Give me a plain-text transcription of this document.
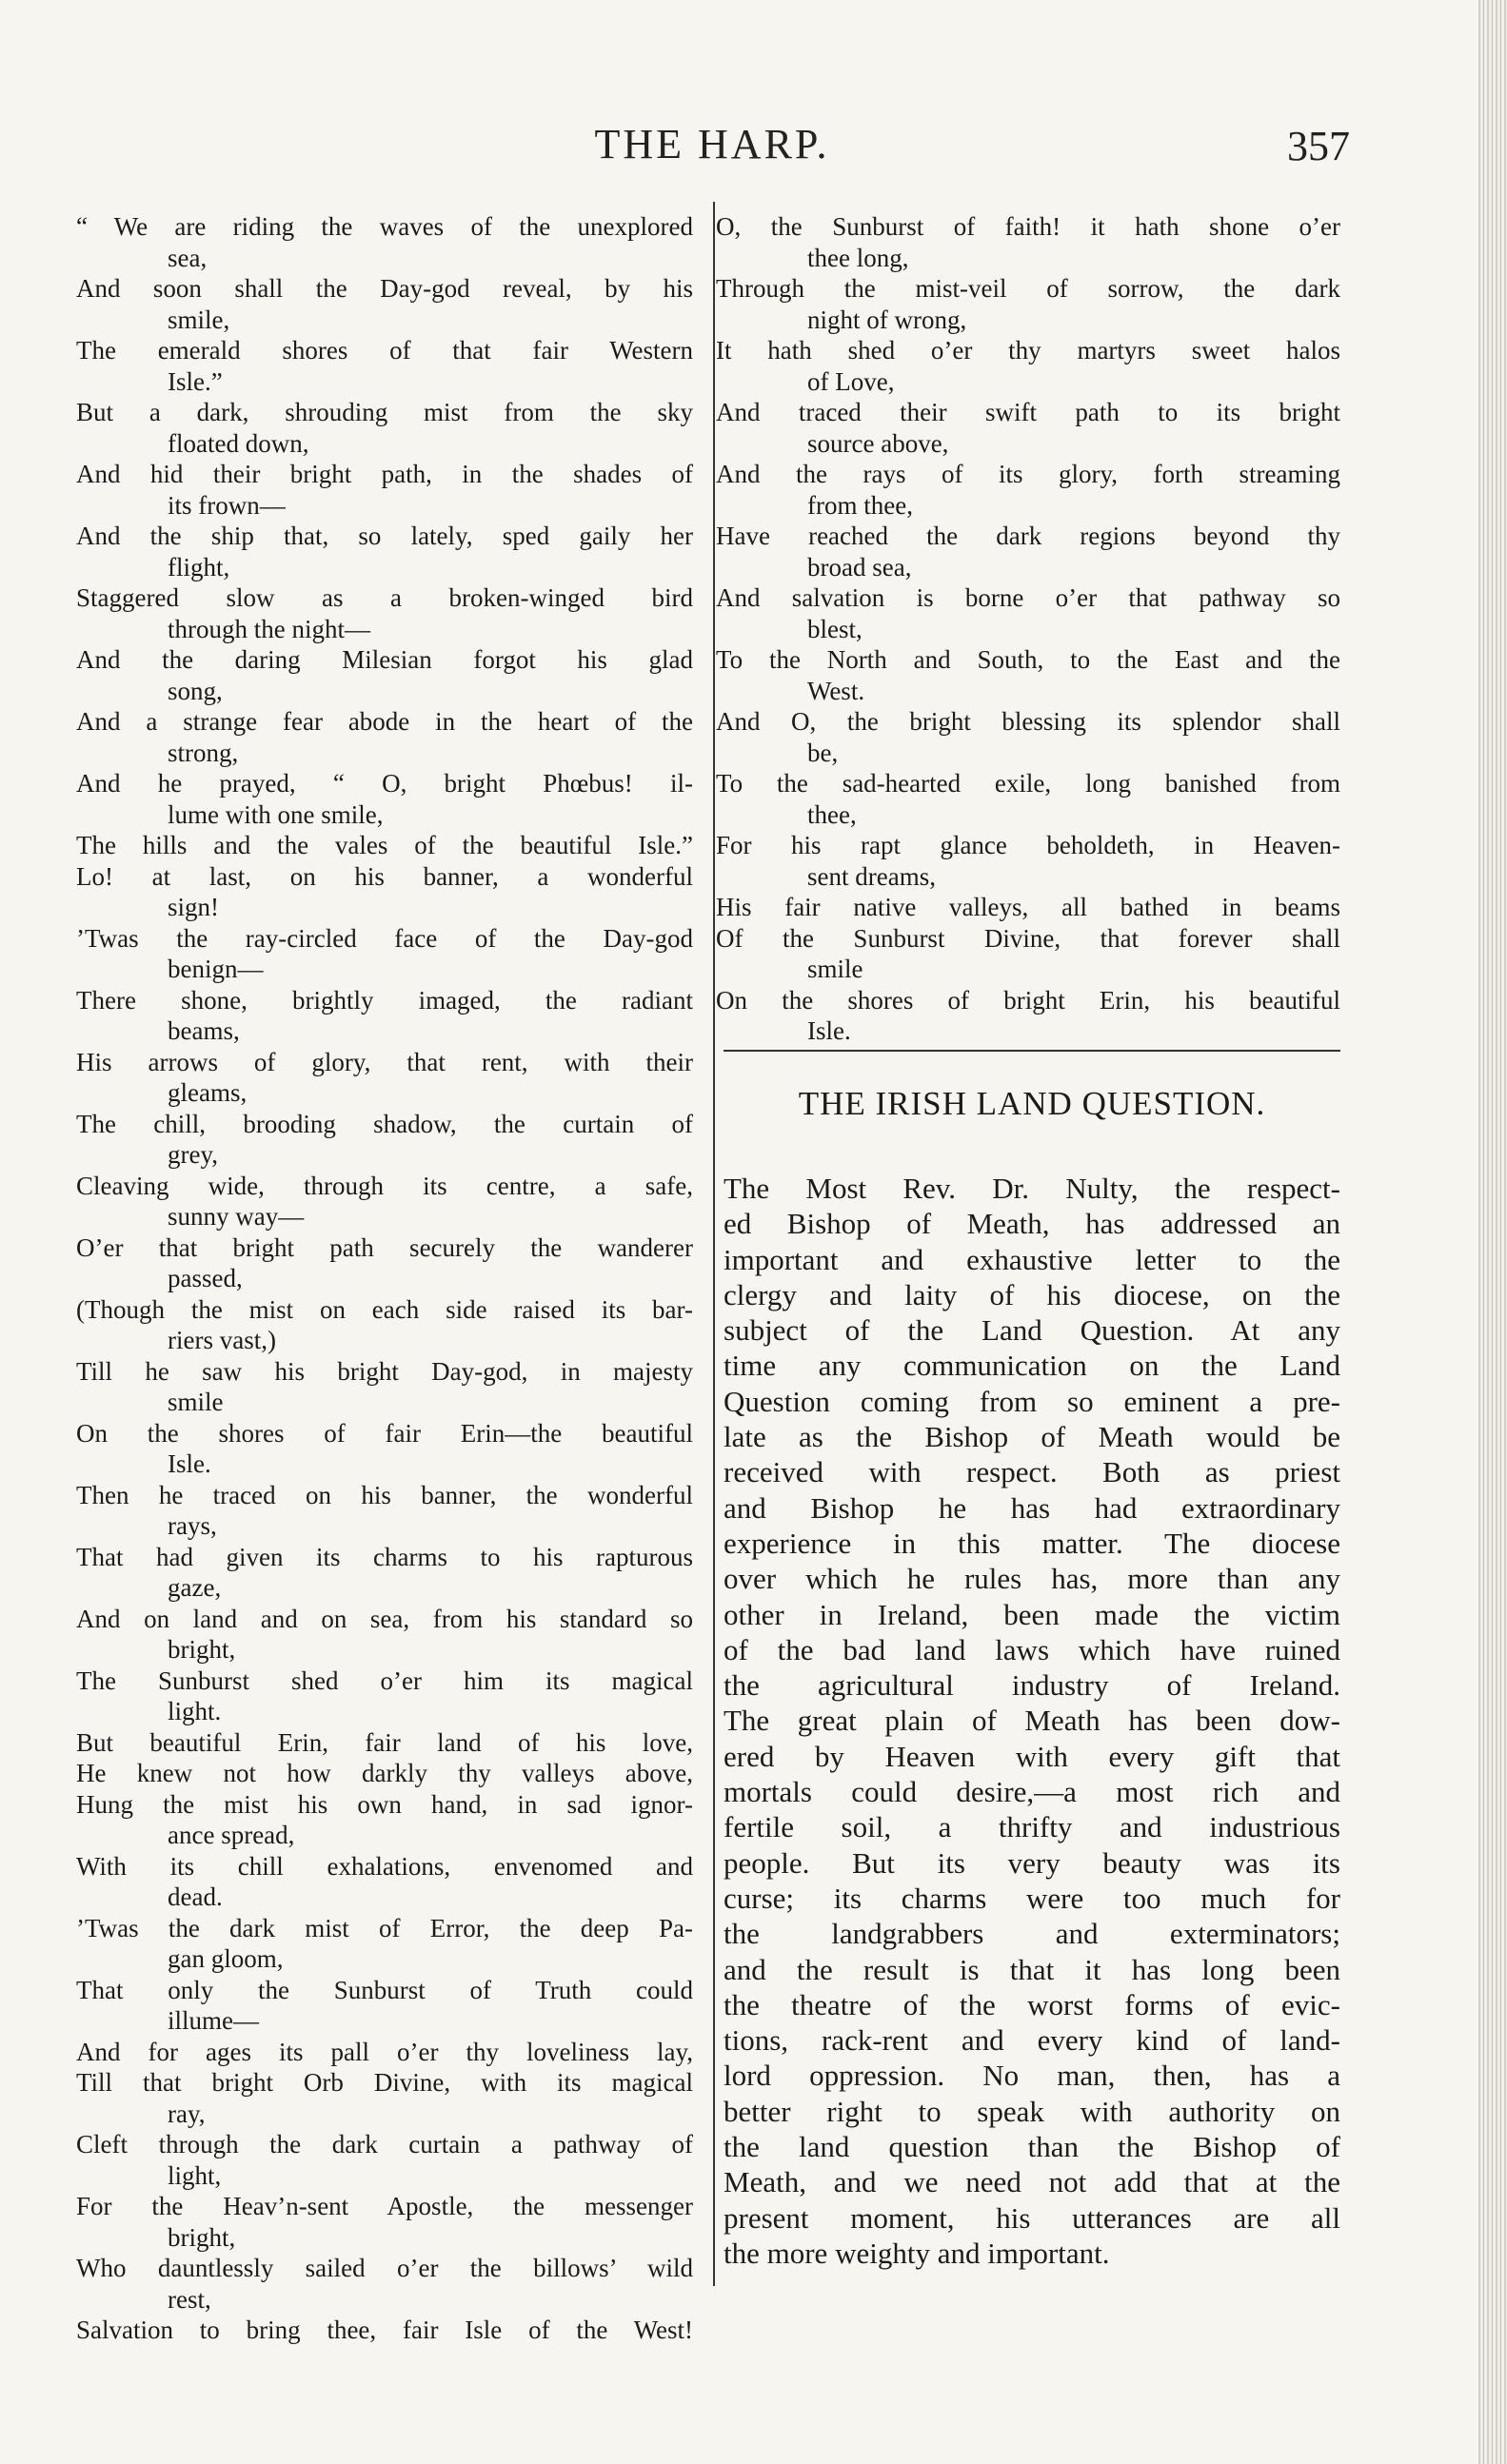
THE HARP.	357
“ We are riding the waves of the unexplored
sea,
And soon shall the Day-god reveal, by his
smile,
The emerald shores of that fair Western
Isle.”
But a dark, shrouding mist from the sky
floated down,
And hid their bright path, in the shades of
its frown—
And the ship that, so lately, sped gaily her
flight,
Staggered slow as a broken-winged bird
through the night—
And the daring Milesian forgot his glad
song,
And a strange fear abode in the heart of the
strong,
And he prayed, “ O, bright Phœbus! il-
lume with one smile,
The hills and the vales of the beautiful Isle.”
Lo! at last, on his banner, a wonderful
sign!
’Twas the ray-circled face of the Day-god
benign—
There shone, brightly imaged, the radiant
beams,
His arrows of glory, that rent, with their
gleams,
The chill, brooding shadow, the curtain of
grey,
Cleaving wide, through its centre, a safe,
sunny way—
O’er that bright path securely the wanderer
passed,
(Though the mist on each side raised its bar-
riers vast,)
Till he saw his bright Day-god, in majesty
smile
On the shores of fair Erin—the beautiful
Isle.
Then he traced on his banner, the wonderful
rays,
That had given its charms to his rapturous
gaze,
And on land and on sea, from his standard so
bright,
The Sunburst shed o’er him its magical
light.
But beautiful Erin, fair land of his love,
He knew not how darkly thy valleys above,
Hung the mist his own hand, in sad ignor-
ance spread,
With its chill exhalations, envenomed and
dead.
’Twas the dark mist of Error, the deep Pa-
gan gloom,
That only the Sunburst of Truth could
illume—
And for ages its pall o’er thy loveliness lay,
Till that bright Orb Divine, with its magical
ray,
Cleft through the dark curtain a pathway of
light,
For the Heav’n-sent Apostle, the messenger
bright,
Who dauntlessly sailed o’er the billows’ wild
rest,
Salvation to bring thee, fair Isle of the West!
O, the Sunburst of faith! it hath shone o’er
thee long,
Through the mist-veil of sorrow, the dark
night of wrong,
It hath shed o’er thy martyrs sweet halos
of Love,
And traced their swift path to its bright
source above,
And the rays of its glory, forth streaming
from thee,
Have reached the dark regions beyond thy
broad sea,
And salvation is borne o’er that pathway so
blest,
To the North and South, to the East and the
West.
And O, the bright blessing its splendor shall
be,
To the sad-hearted exile, long banished from
thee,
For his rapt glance beholdeth, in Heaven-
sent dreams,
His fair native valleys, all bathed in beams
Of the Sunburst Divine, that forever shall
smile
On the shores of bright Erin, his beautiful
Isle.
THE IRISH LAND QUESTION.
The Most Rev. Dr. Nulty, the respect-
ed Bishop of Meath, has addressed an
important and exhaustive letter to the
clergy and laity of his diocese, on the
subject of the Land Question. At any
time any communication on the Land
Question coming from so eminent a pre-
late as the Bishop of Meath would be
received with respect. Both as priest
and Bishop he has had extraordinary
experience in this matter. The diocese
over which he rules has, more than any
other in Ireland, been made the victim
of the bad land laws which have ruined
the agricultural industry of Ireland.
The great plain of Meath has been dow-
ered by Heaven with every gift that
mortals could desire,—a most rich and
fertile soil, a thrifty and industrious
people. But its very beauty was its
curse; its charms were too much for
the landgrabbers and exterminators;
and the result is that it has long been
the theatre of the worst forms of evic-
tions, rack-rent and every kind of land-
lord oppression. No man, then, has a
better right to speak with authority on
the land question than the Bishop of
Meath, and we need not add that at the
present moment, his utterances are all
the more weighty and important.
